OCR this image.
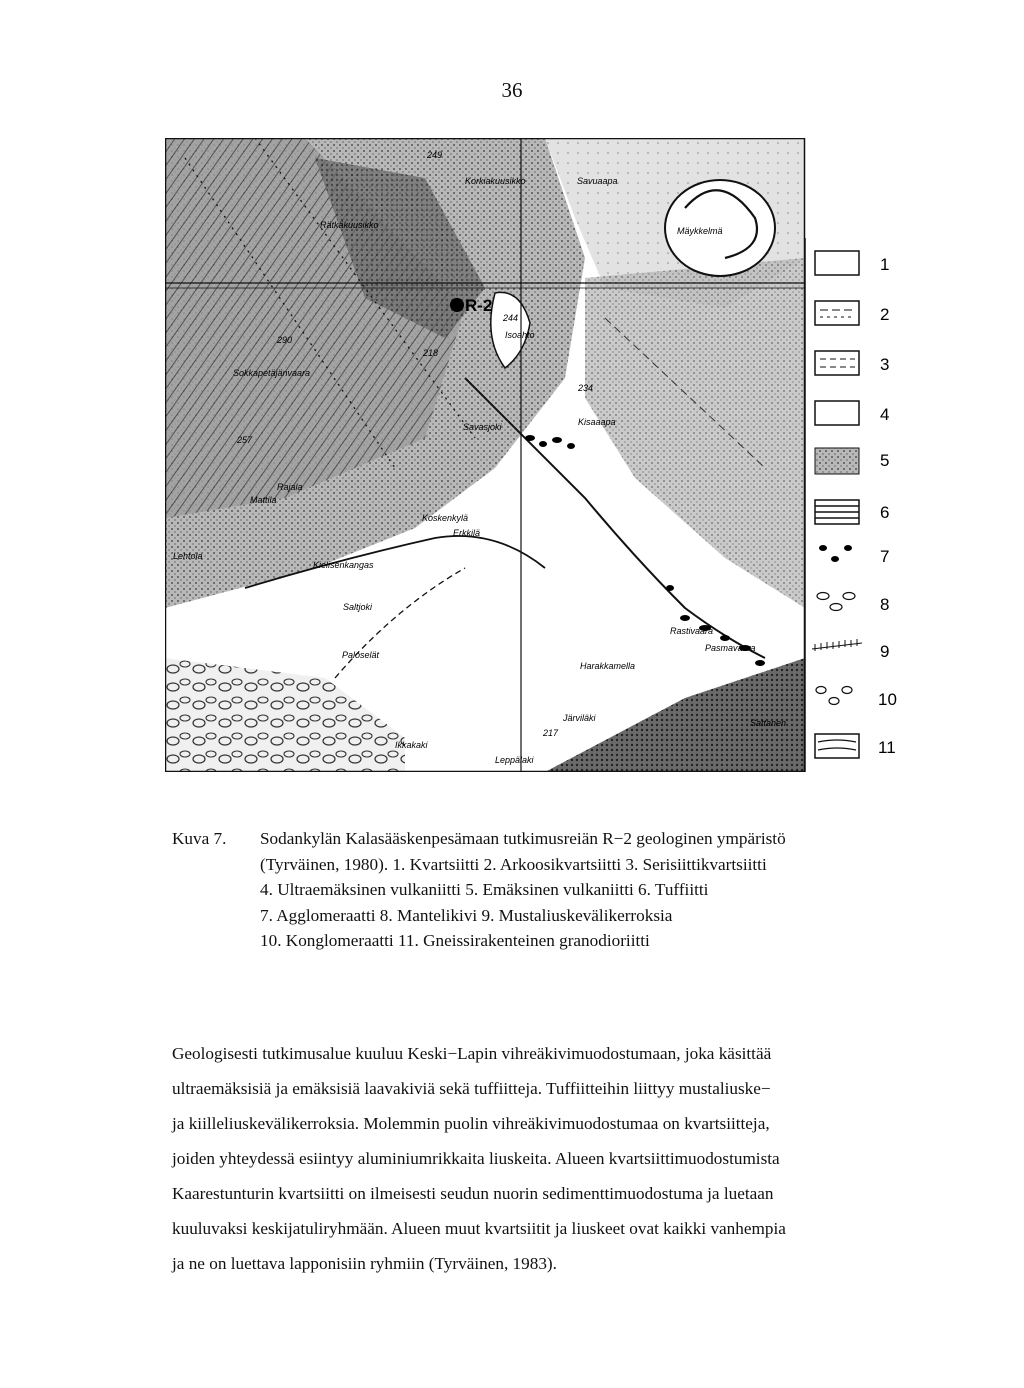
36
R-2
Korkiakuusikko	Savuaapa
Rätkäkuusikko
Mäykkelmä
290
Sokkapetäjänvaara
Isoahto
218
244
249
Savasjoki
234
Kisaaapa
257
Rajala
Mattila
Koskenkylä
Erkkilä
Lehtola
Kielisenkangas
Saltjoki
Paloselät
Harakkamella
Järviläki
217
Leppälaki
Pasmavaara
Sattanen
Ikkakaki
Rastivaara
1
2
3
4
5
6
7
8
9
10
11
Kuva 7. Sodankylän Kalasääskenpesämaan tutkimusreiän R−2 geologinen ympäristö
(Tyrväinen, 1980). 1. Kvartsiitti 2. Arkoosikvartsiitti 3. Serisiittikvartsiitti
4. Ultraemäksinen vulkaniitti 5. Emäksinen vulkaniitti 6. Tuffiitti
7. Agglomeraatti 8. Mantelikivi 9. Mustaliuskevälikerroksia
10. Konglomeraatti 11. Gneissirakenteinen granodioriitti
Geologisesti tutkimusalue kuuluu Keski−Lapin vihreäkivimuodostumaan, joka käsittää
ultraemäksisiä ja emäksisiä laavakiviä sekä tuffiitteja. Tuffiitteihin liittyy mustaliuske−
ja kiilleliuskevälikerroksia. Molemmin puolin vihreäkivimuodostumaa on kvartsiitteja,
joiden yhteydessä esiintyy aluminiumrikkaita liuskeita. Alueen kvartsiittimuodostumista
Kaarestunturin kvartsiitti on ilmeisesti seudun nuorin sedimenttimuodostuma ja luetaan
kuuluvaksi keskijatuliryhmään. Alueen muut kvartsiitit ja liuskeet ovat kaikki vanhempia
ja ne on luettava lapponisiin ryhmiin (Tyrväinen, 1983).
